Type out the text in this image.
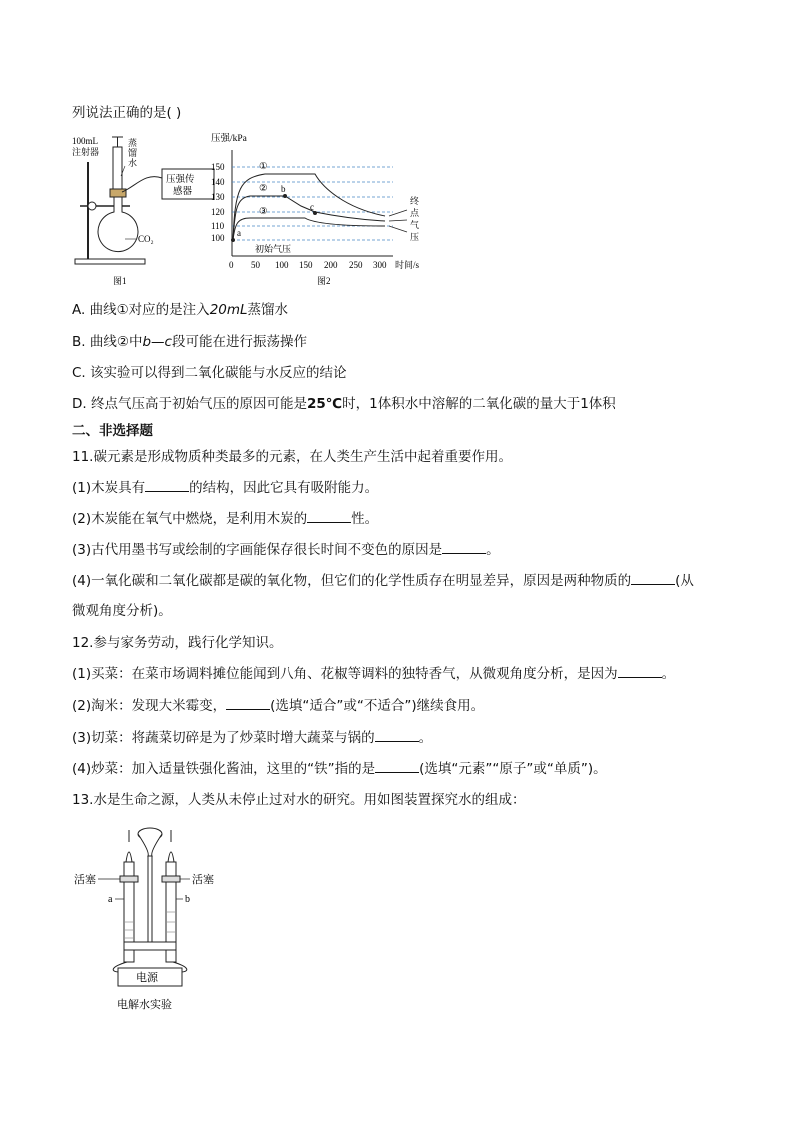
列说法正确的是( )
100mL
注射器
蒸
馏
水
CO₂
压强传
感器
图1
压强/kPa
150
140
130
120
110
100
①
②
③
a
b
c
初始气压
终
点
气
压
0 50 100 150 200 250 300 时间/s
图2
A. 曲线①对应的是注入20mL蒸馏水
B. 曲线②中b—c段可能在进行振荡操作
C. 该实验可以得到二氧化碳能与水反应的结论
D. 终点气压高于初始气压的原因可能是25℃时，1体积水中溶解的二氧化碳的量大于1体积
二、非选择题
11.碳元素是形成物质种类最多的元素，在人类生产生活中起着重要作用。
(1)木炭具有	的结构，因此它具有吸附能力。
(2)木炭能在氧气中燃烧，是利用木炭的	性。
(3)古代用墨书写或绘制的字画能保存很长时间不变色的原因是	。
(4)一氧化碳和二氧化碳都是碳的氧化物，但它们的化学性质存在明显差异，原因是两种物质的	(从
微观角度分析)。
12.参与家务劳动，践行化学知识。
(1)买菜：在菜市场调料摊位能闻到八角、花椒等调料的独特香气，从微观角度分析，是因为	。
(2)淘米：发现大米霉变，	(选填“适合”或“不适合”)继续食用。
(3)切菜：将蔬菜切碎是为了炒菜时增大蔬菜与锅的	。
(4)炒菜：加入适量铁强化酱油，这里的“铁”指的是	(选填“元素”“原子”或“单质”)。
13.水是生命之源，人类从未停止过对水的研究。用如图装置探究水的组成：
活塞	活塞
a	b
电源
电解水实验
